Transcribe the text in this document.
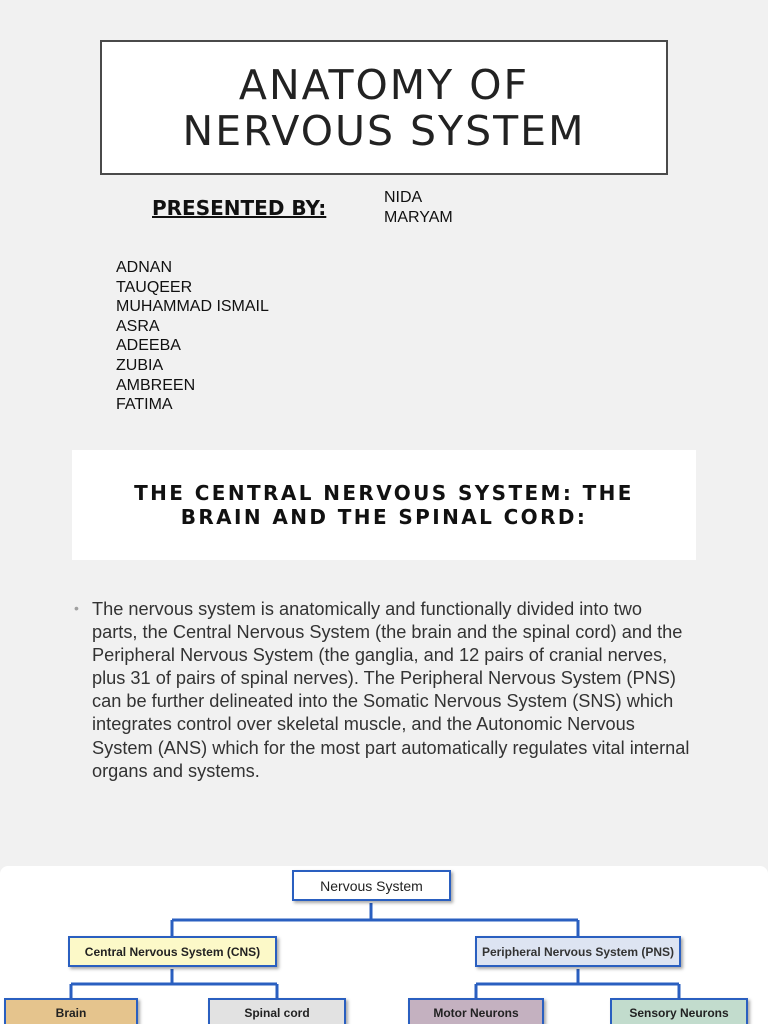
ANATOMY OF
NERVOUS SYSTEM
PRESENTED BY:	NIDA
MARYAM
ADNAN
TAUQEER
MUHAMMAD ISMAIL
ASRA
ADEEBA
ZUBIA
AMBREEN
FATIMA
THE CENTRAL NERVOUS SYSTEM: THE BRAIN AND THE SPINAL CORD:
• The nervous system is anatomically and functionally divided into two parts, the Central Nervous System (the brain and the spinal cord) and the Peripheral Nervous System (the ganglia, and 12 pairs of cranial nerves, plus 31 of pairs of spinal nerves). The Peripheral Nervous System (PNS) can be further delineated into the Somatic Nervous System (SNS) which integrates control over skeletal muscle, and the Autonomic Nervous System (ANS) which for the most part automatically regulates vital internal organs and systems.

Nervous System
Central Nervous System (CNS)	Peripheral Nervous System (PNS)
Brain	Spinal cord	Motor Neurons	Sensory Neurons
